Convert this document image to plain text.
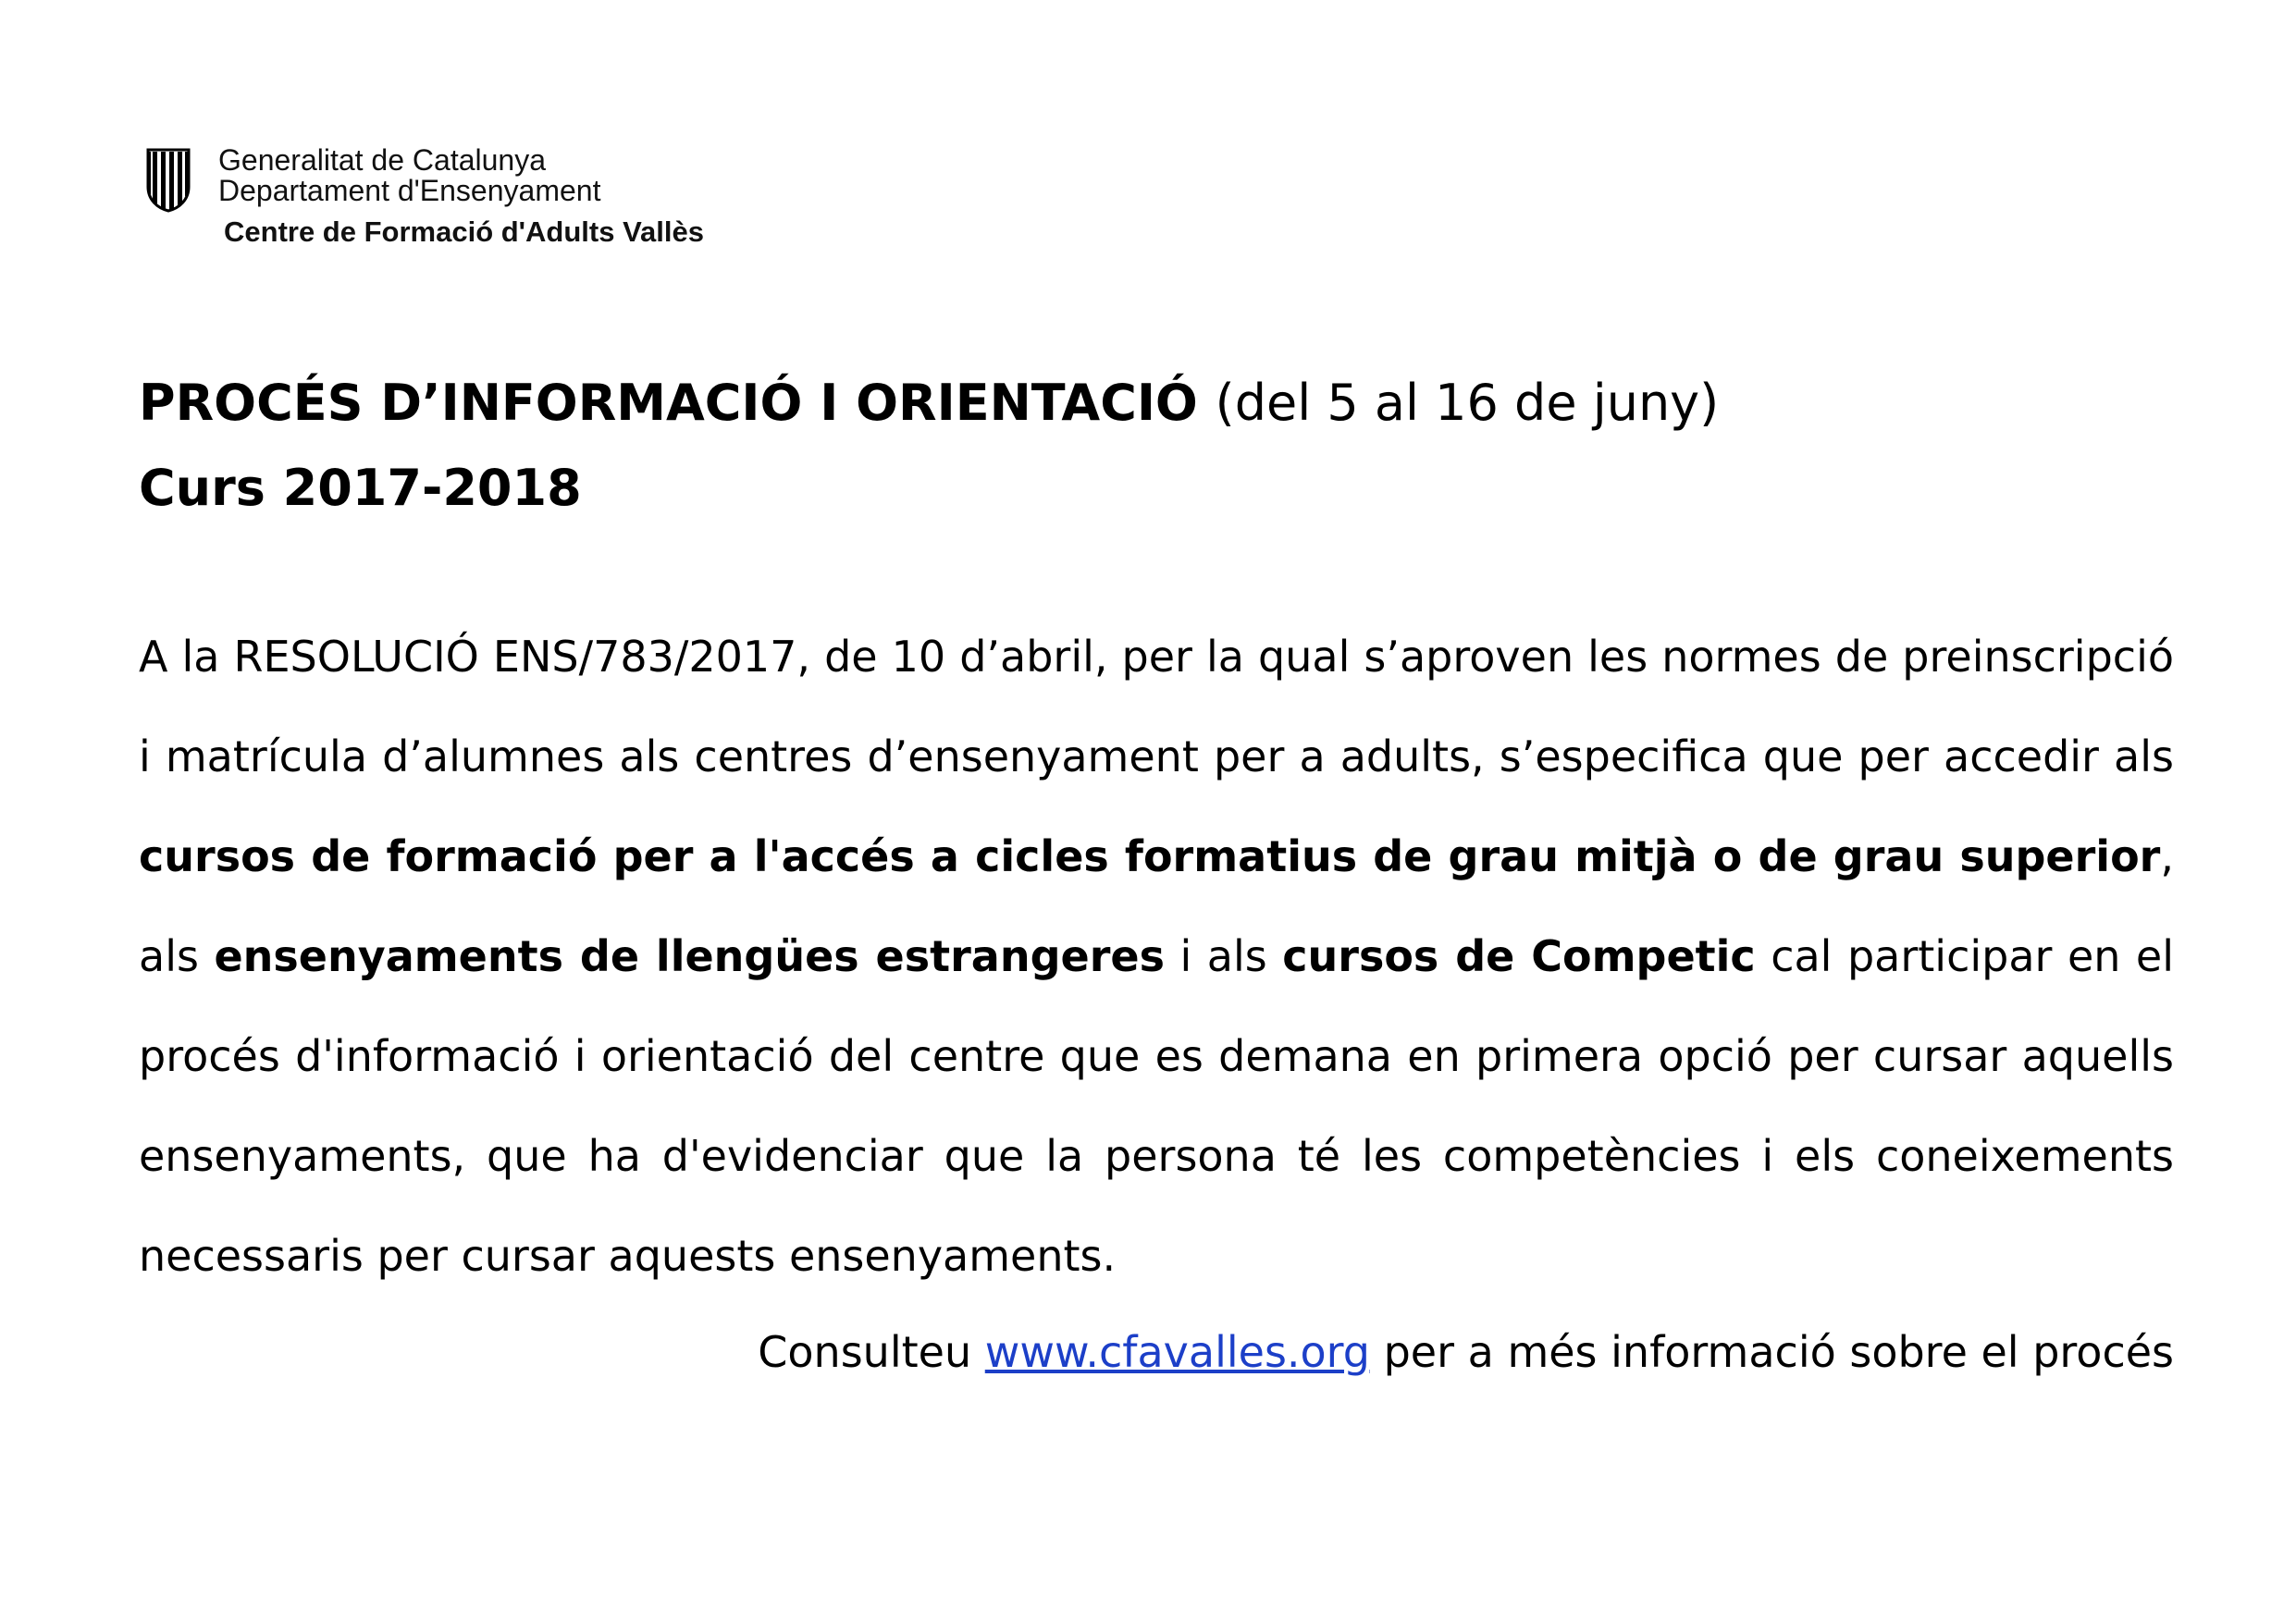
Generalitat de Catalunya
Departament d'Ensenyament
Centre de Formació d'Adults Vallès
PROCÉS D’INFORMACIÓ I ORIENTACIÓ (del 5 al 16 de juny)
Curs 2017-2018

A la RESOLUCIÓ ENS/783/2017, de 10 d’abril, per la qual s’aproven les normes de preinscripció i matrícula d’alumnes als centres d’ensenyament per a adults, s’especifica que per accedir als cursos de formació per a l'accés a cicles formatius de grau mitjà o de grau superior, als ensenyaments de llengües estrangeres i als cursos de Competic cal participar en el procés d'informació i orientació del centre que es demana en primera opció per cursar aquells ensenyaments, que ha d'evidenciar que la persona té les competències i els coneixements necessaris per cursar aquests ensenyaments.

Consulteu www.cfavalles.org per a més informació sobre el procés
